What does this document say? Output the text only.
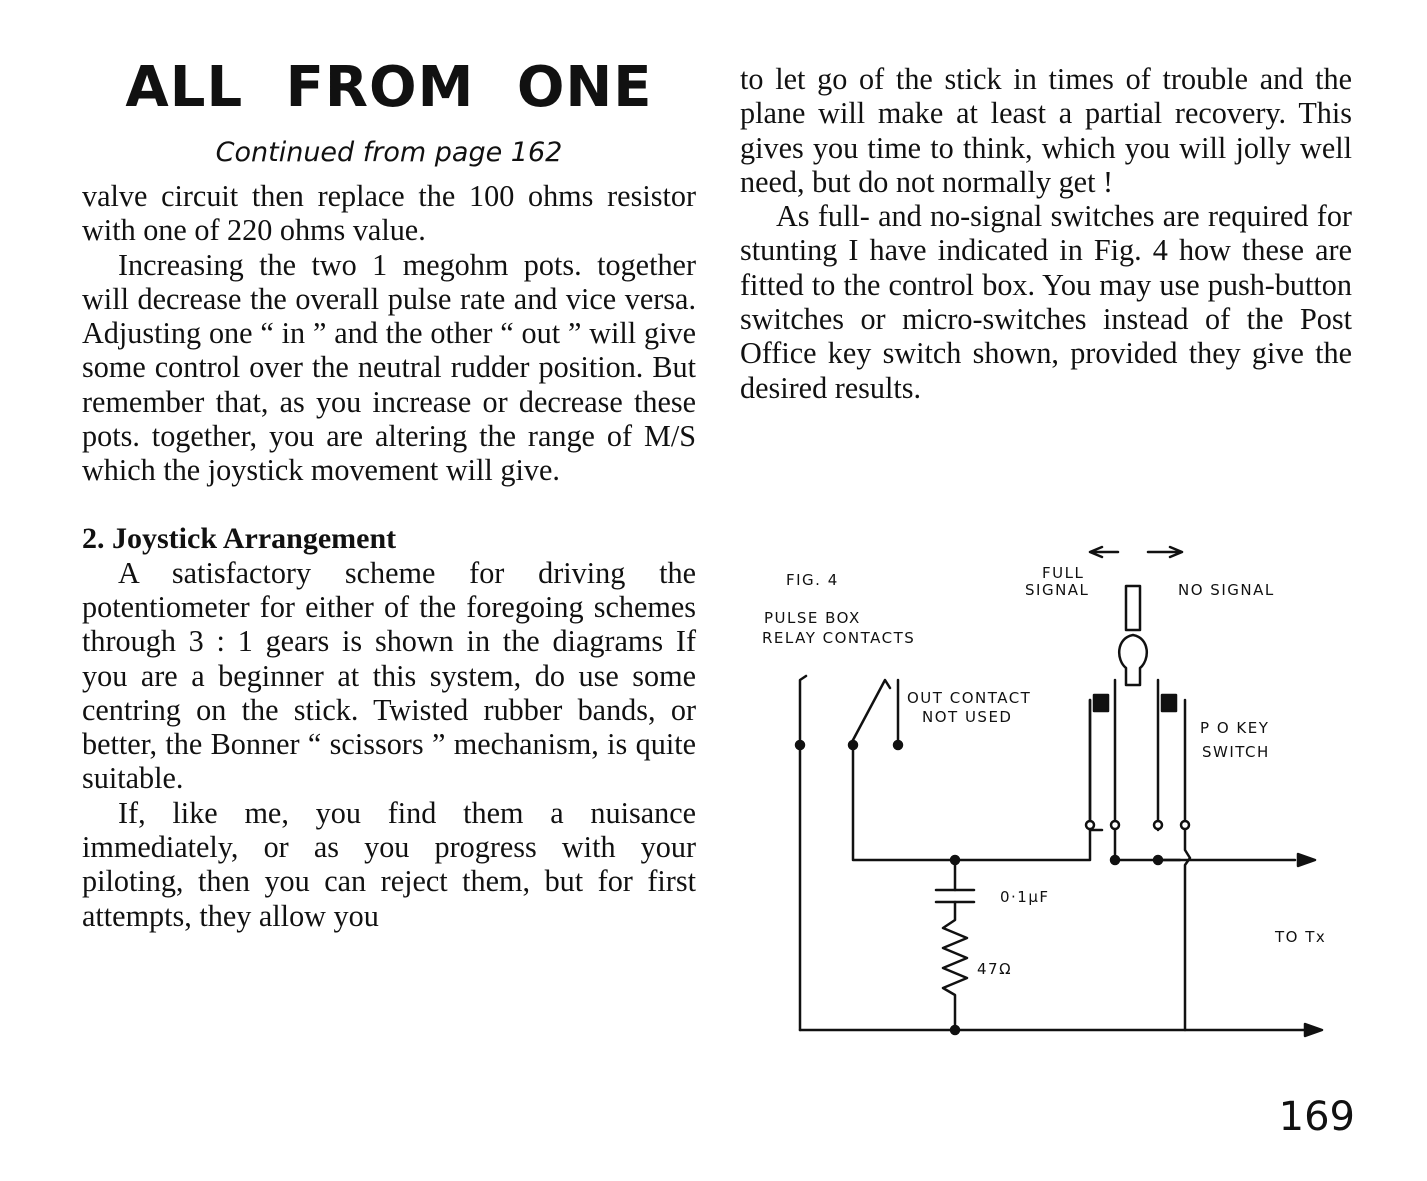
ALL FROM ONE
Continued from page 162

valve circuit then replace the 100 ohms resistor with one of 220 ohms value.

Increasing the two 1 megohm pots. together will decrease the overall pulse rate and vice versa. Adjusting one “ in ” and the other “ out ” will give some control over the neutral rudder position. But remember that, as you increase or decrease these pots. together, you are altering the range of M/S which the joystick movement will give.

2. Joystick Arrangement

A satisfactory scheme for driving the potentiometer for either of the foregoing schemes through 3 : 1 gears is shown in the diagrams If you are a beginner at this system, do use some centring on the stick. Twisted rubber bands, or better, the Bonner “ scissors ” mechanism, is quite suitable.

If, like me, you find them a nuisance immediately, or as you progress with your piloting, then you can reject them, but for first attempts, they allow you

to let go of the stick in times of trouble and the plane will make at least a partial recovery. This gives you time to think, which you will jolly well need, but do not normally get !

As full- and no-signal switches are required for stunting I have indicated in Fig. 4 how these are fitted to the control box. You may use push-button switches or micro-switches instead of the Post Office key switch shown, provided they give the desired results.

FIG. 4
PULSE BOX
RELAY CONTACTS
OUT CONTACT
NOT USED
FULL
SIGNAL	NO SIGNAL
P O KEY
SWITCH
0·1μF
47Ω
TO Tx
169
